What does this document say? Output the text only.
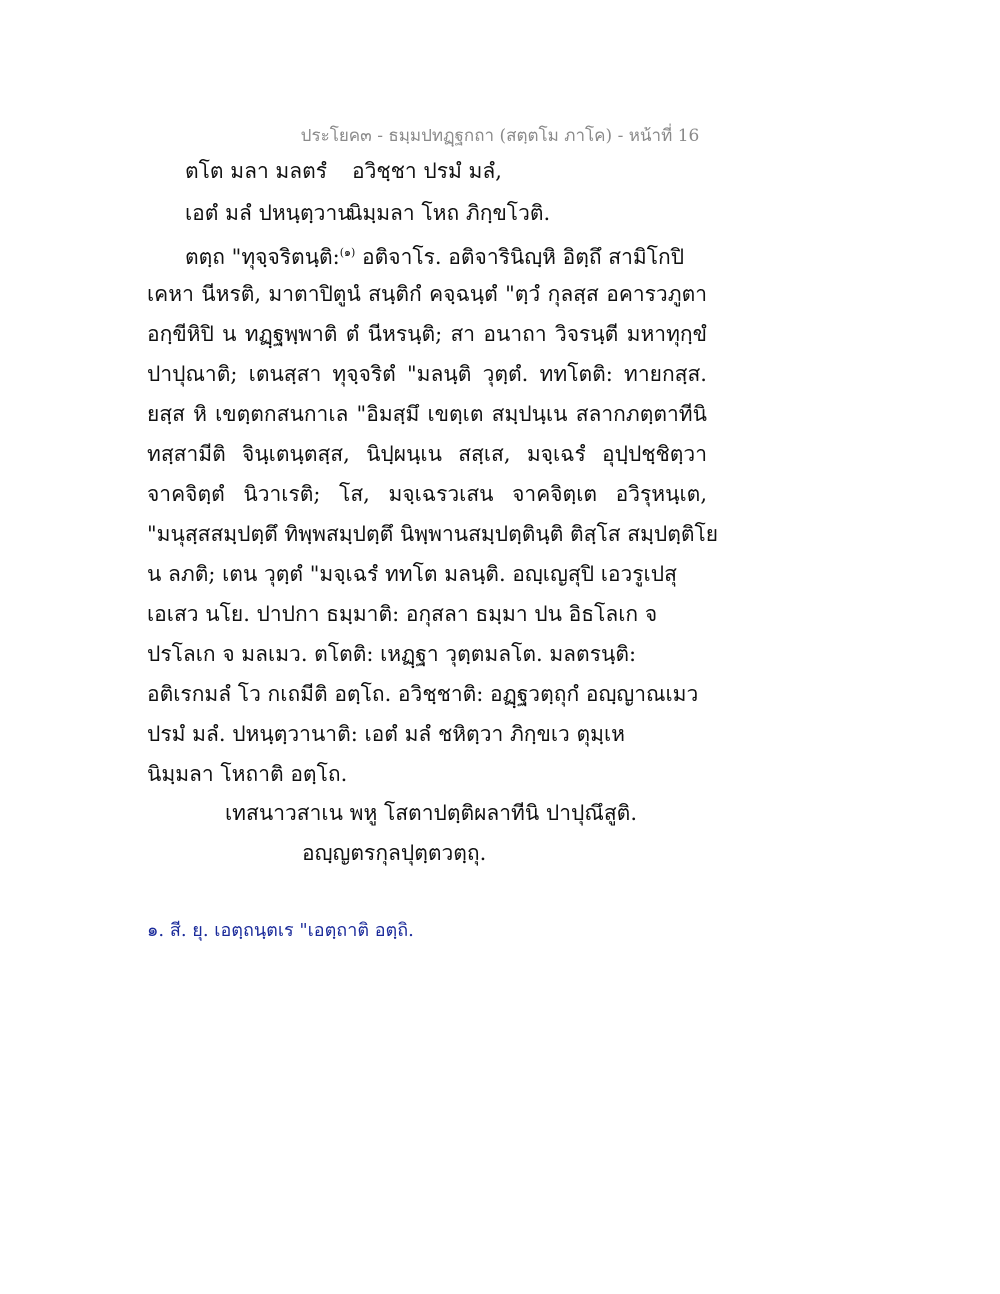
ประโยค๓ - ธมฺมปทฏฺฐกถา (สตฺตโม ภาโค) - หน้าที่ 16
ตโต มลา มลตรํ อวิชฺชา ปรมํ มลํ,
เอตํ มลํ ปหนฺตฺวาน
นิมฺมลา โหถ ภิกฺขโวติ.
ตตฺถ "ทุจฺจริตนฺติ:$^{(๑)}$ อติจาโร. อติจารินิญฺหิ อิตฺถึ สามิโกปิ
เคหา นีหรติ, มาตาปิตูนํ สนฺติกํ คจฺฉนฺตํ "ตฺวํ กุลสฺส อคารวภูตา
อกฺขีหิปิ น ทฏฺฐพฺพาติ ตํ นีหรนฺติ; สา อนาถา วิจรนฺตี มหาทุกฺขํ
ปาปุณาติ; เตนสฺสา ทุจฺจริตํ "มลนฺติ วุตฺตํ. ททโตติ: ทายกสฺส.
ยสฺส หิ เขตฺตกสนกาเล "อิมสฺมึ เขตฺเต สมฺปนฺเน สลากภตฺตาทีนิ
ทสฺสามีติ จินฺเตนฺตสฺส, นิปฺผนฺเน สสฺเส, มจฺเฉรํ อุปฺปชฺชิตฺวา
จาคจิตฺตํ นิวาเรติ; โส, มจฺเฉรวเสน จาคจิตฺเต อวิรุหนฺเต,
"มนุสฺสสมฺปตฺตึ ทิพฺพสมฺปตฺตึ นิพฺพานสมฺปตฺตินฺติ ติสฺโส สมฺปตฺติโย
น ลภติ; เตน วุตฺตํ "มจฺเฉรํ ททโต มลนฺติ. อญฺเญสุปิ เอวรูเปสุ
เอเสว นโย. ปาปกา ธมฺมาติ: อกุสลา ธมฺมา ปน อิธโลเก จ
ปรโลเก จ มลเมว. ตโตติ: เหฏฺฐา วุตฺตมลโต. มลตรนฺติ:
อติเรกมลํ โว กเถมีติ อตฺโถ. อวิชฺชาติ: อฏฺฐวตฺถุกํ อญฺญาณเมว
ปรมํ มลํ. ปหนฺตฺวานาติ: เอตํ มลํ ชหิตฺวา ภิกฺขเว ตุมฺเห
นิมฺมลา โหถาติ อตฺโถ.
เทสนาวสาเน พหู โสตาปตฺติผลาทีนิ ปาปุณึสูติ.
อญฺญตรกุลปุตฺตวตฺถุ.
๑. สี. ยุ. เอตฺถนฺตเร "เอตฺถาติ อตฺถิ.
